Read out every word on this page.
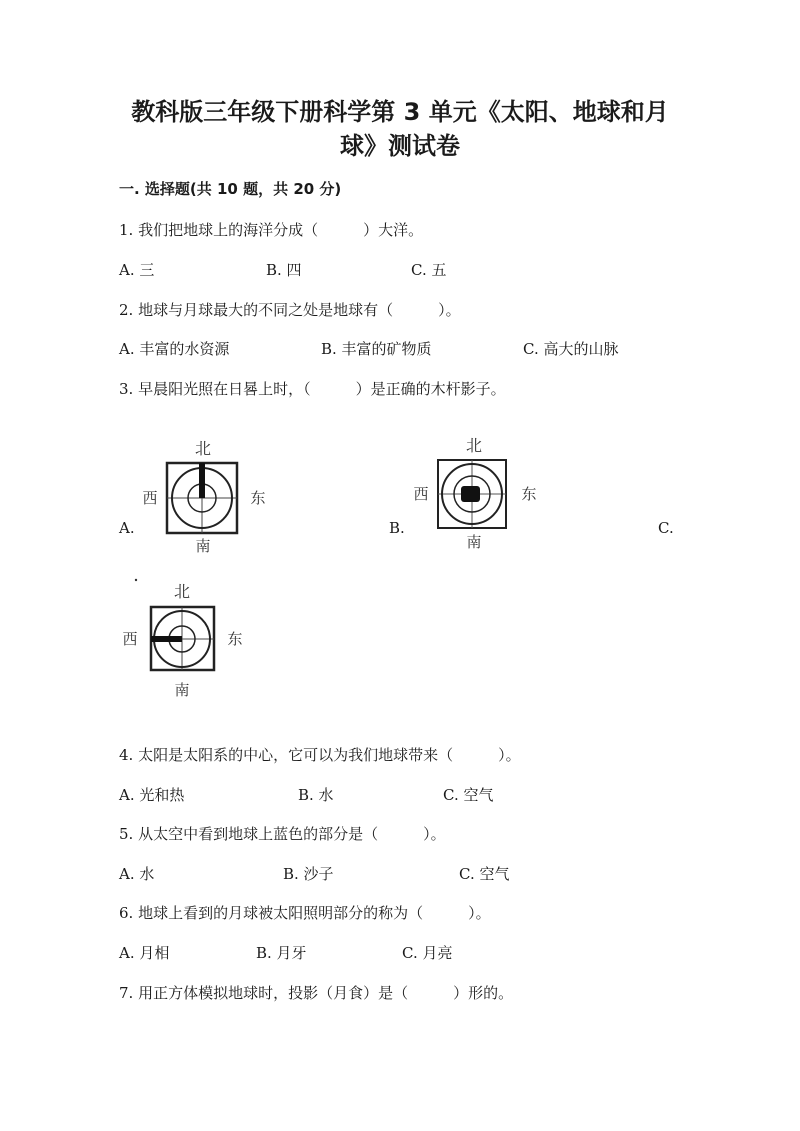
教科版三年级下册科学第 3 单元《太阳、地球和月
球》测试卷
一. 选择题(共 10 题，共 20 分)
1. 我们把地球上的海洋分成（　　　）大洋。
A. 三	B. 四	C. 五
2. 地球与月球最大的不同之处是地球有（　　　）。
A. 丰富的水资源	B. 丰富的矿物质	C. 高大的山脉
3. 早晨阳光照在日晷上时，（　　　）是正确的木杆影子。
A.	B.	C.
北
西	东
南
北
西	东
南
北
西	东
南
4. 太阳是太阳系的中心，它可以为我们地球带来（　　　）。
A. 光和热	B. 水	C. 空气
5. 从太空中看到地球上蓝色的部分是（　　　）。
A. 水	B. 沙子	C. 空气
6. 地球上看到的月球被太阳照明部分的称为（　　　）。
A. 月相	B. 月牙	C. 月亮
7. 用正方体模拟地球时，投影（月食）是（　　　）形的。
